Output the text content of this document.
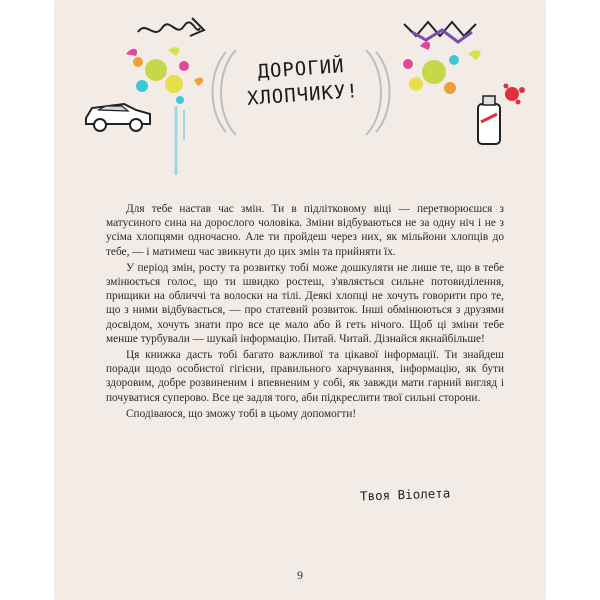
ДОРОГИЙ
ХЛОПЧИКУ!

Для тебе настав час змін. Ти в підлітковому віці — перетворюєшся з матусиного сина на дорослого чоловіка. Зміни відбуваються не за одну ніч і не з усіма хлопцями одночасно. Але ти пройдеш через них, як мільйони хлопців до тебе, — і матимеш час звикнути до цих змін та прийняти їх.

У період змін, росту та розвитку тобі може дошкуляти не лише те, що в тебе змінюється голос, що ти швидко ростеш, з'являється сильне потовиділення, прищики на обличчі та волоски на тілі. Деякі хлопці не хочуть говорити про те, що з ними відбувається, — про статевий розвиток. Інші обмінюються з друзями досвідом, хочуть знати про все це мало або й геть нічого. Щоб ці зміни тебе менше турбували — шукай інформацію. Питай. Читай. Дізнайся якнайбільше!

Ця книжка дасть тобі багато важливої та цікавої інформації. Ти знайдеш поради щодо особистої гігієни, правильного харчування, інформацію, як бути здоровим, добре розвиненим і впевненим у собі, як завжди мати гарний вигляд і почуватися суперово. Все це задля того, аби підкреслити твої сильні сторони.

Сподіваюся, що зможу тобі в цьому допомогти!

Твоя Віолета
9
